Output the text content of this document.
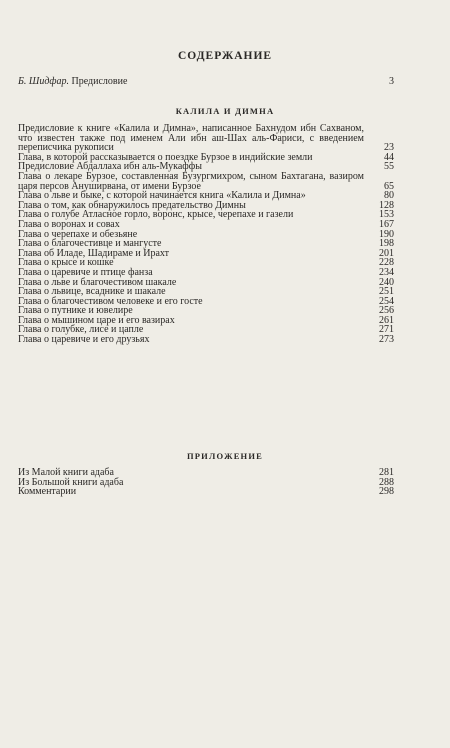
СОДЕРЖАНИЕ
Б. Шидфар. Предисловие	3
КАЛИЛА И ДИМНА
Предисловие к книге «Калила и Димна», написанное Бахнудом ибн Сахваном, что известен также под именем Али ибн аш-Шах аль-Фариси, с введением переписчика рукописи	23
Глава, в которой рассказывается о поездке Бурзое в индийские земли	44
Предисловие Абдаллаха ибн аль-Мукаффы	55
Глава о лекаре Бурзое, составленная Бузургмихром, сыном Бахтагана, вазиром царя персов Ануширвана, от имени Бурзое	65
Глава о льве и быке, с которой начинается книга «Калила и Димна»	80
Глава о том, как обнаружилось предательство Димны	128
Глава о голубе Атласное горло, воронс, крысе, черепахе и газели	153
Глава о воронах и совах	167
Глава о черепахе и обезьяне	190
Глава о благочестивце и мангусте	198
Глава об Иладе, Шадираме и Ирахт	201
Глава о крысе и кошке	228
Глава о царевиче и птице фанза	234
Глава о льве и благочестивом шакале	240
Глава о львице, всаднике и шакале	251
Глава о благочестивом человеке и его госте	254
Глава о путнике и ювелире	256
Глава о мышином царе и его вазирах	261
Глава о голубке, лисе и цапле	271
Глава о царевиче и его друзьях	273
ПРИЛОЖЕНИЕ
Из Малой книги адаба	281
Из Большой книги адаба	288
Комментарии	298
